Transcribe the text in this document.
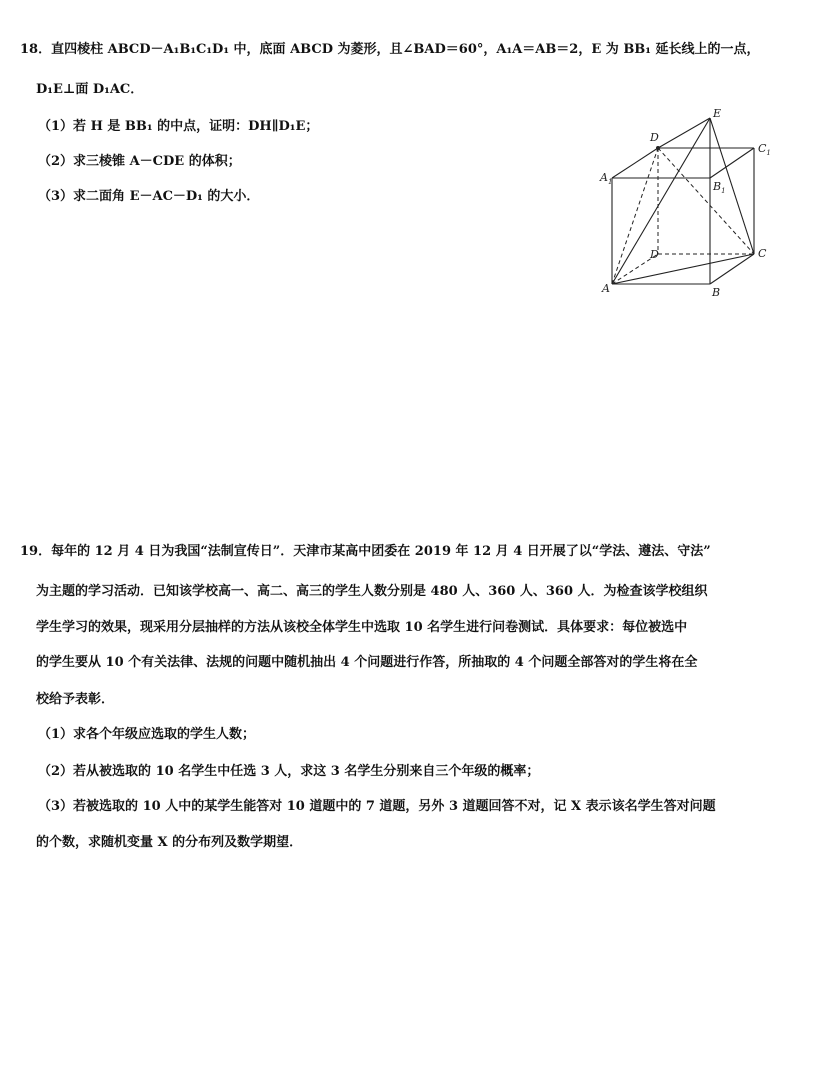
18．直四棱柱 ABCD－A₁B₁C₁D₁ 中，底面 ABCD 为菱形，且∠BAD＝60°，A₁A＝AB＝2，E 为 BB₁ 延长线上的一点，
D₁E⊥面 D₁AC．
（1）若 H 是 BB₁ 的中点，证明：DH∥D₁E；
（2）求三棱锥 A－CDE 的体积；
（3）求二面角 E－AC－D₁ 的大小．
E
D
$C_1$
$A_1$	$B_1$
D	C
A	B
19．每年的 12 月 4 日为我国“法制宣传日”．天津市某高中团委在 2019 年 12 月 4 日开展了以“学法、遵法、守法”
为主题的学习活动．已知该学校高一、高二、高三的学生人数分别是 480 人、360 人、360 人．为检查该学校组织
学生学习的效果，现采用分层抽样的方法从该校全体学生中选取 10 名学生进行问卷测试．具体要求：每位被选中
的学生要从 10 个有关法律、法规的问题中随机抽出 4 个问题进行作答，所抽取的 4 个问题全部答对的学生将在全
校给予表彰．
（1）求各个年级应选取的学生人数；
（2）若从被选取的 10 名学生中任选 3 人，求这 3 名学生分别来自三个年级的概率；
（3）若被选取的 10 人中的某学生能答对 10 道题中的 7 道题，另外 3 道题回答不对，记 X 表示该名学生答对问题
的个数，求随机变量 X 的分布列及数学期望．
